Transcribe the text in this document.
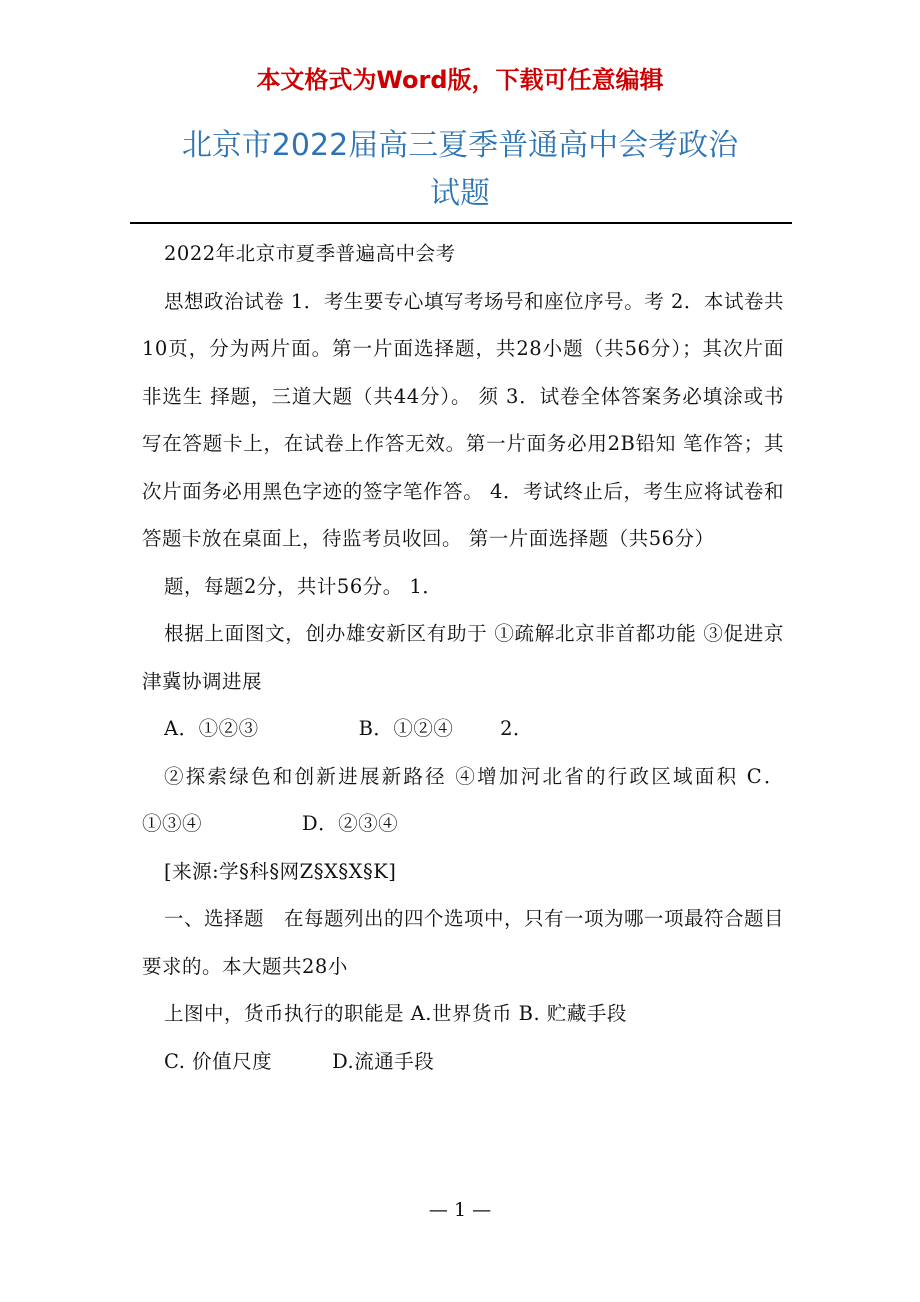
本文格式为Word版，下载可任意编辑
北京市2022届高三夏季普通高中会考政治
试题

2022年北京市夏季普遍高中会考

思想政治试卷 1．考生要专心填写考场号和座位序号。考 2．本试卷共10页，分为两片面。第一片面选择题，共28小题（共56分）；其次片面非选生 择题，三道大题（共44分）。 须 3．试卷全体答案务必填涂或书写在答题卡上，在试卷上作答无效。第一片面务必用2B铅知 笔作答；其次片面务必用黑色字迹的签字笔作答。 4．考试终止后，考生应将试卷和答题卡放在桌面上，待监考员收回。 第一片面选择题（共56分）

题，每题2分，共计56分。 1．

根据上面图文，创办雄安新区有助于 ①疏解北京非首都功能 ③促进京津冀协调进展

A．①②③　　　　　B．①②④　　 2．

②探索绿色和创新进展新路径 ④增加河北省的行政区域面积 C．①③④　　　　　D．②③④

[来源:学§科§网Z§X§X§K]

一、选择题　在每题列出的四个选项中，只有一项为哪一项最符合题目要求的。本大题共28小

上图中，货币执行的职能是 A.世界货币 B. 贮藏手段

C. 价值尺度　　　D.流通手段

— 1 —
